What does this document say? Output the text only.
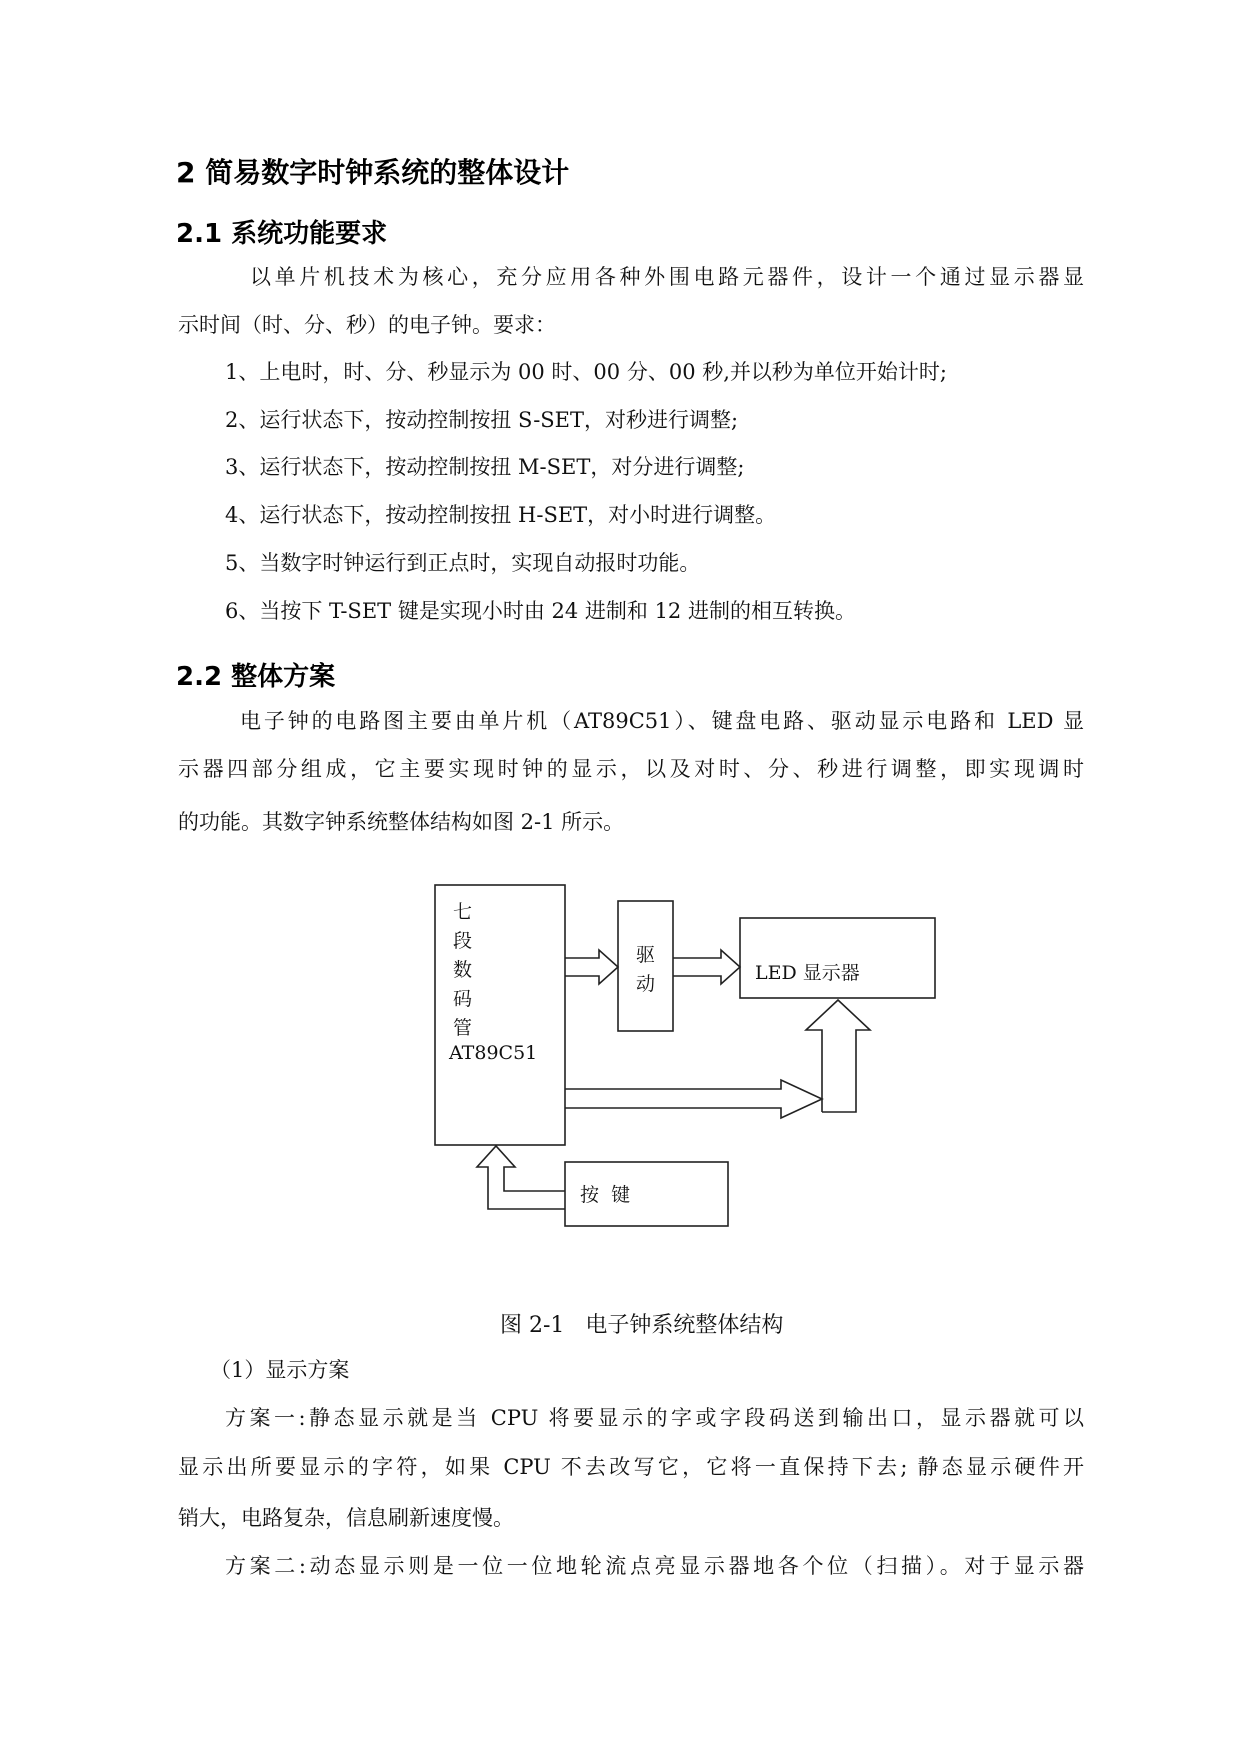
2 简易数字时钟系统的整体设计
2.1 系统功能要求
以单片机技术为核心，充分应用各种外围电路元器件，设计一个通过显示器显
示时间（时、分、秒）的电子钟。要求：
1、上电时，时、分、秒显示为 00 时、00 分、00 秒,并以秒为单位开始计时;
2、运行状态下，按动控制按扭 S-SET，对秒进行调整;
3、运行状态下，按动控制按扭 M-SET，对分进行调整;
4、运行状态下，按动控制按扭 H-SET，对小时进行调整。
5、当数字时钟运行到正点时，实现自动报时功能。
6、当按下 T-SET 键是实现小时由 24 进制和 12 进制的相互转换。
2.2 整体方案
电子钟的电路图主要由单片机（AT89C51）、键盘电路、驱动显示电路和 LED 显
示器四部分组成，它主要实现时钟的显示，以及对时、分、秒进行调整，即实现调时
的功能。其数字钟系统整体结构如图 2-1 所示。
七
段
数
码
管
AT89C51
驱
动	LED 显示器
按  键
图 2-1   电子钟系统整体结构
（1）显示方案
方案一:静态显示就是当 CPU 将要显示的字或字段码送到输出口，显示器就可以
显示出所要显示的字符，如果 CPU 不去改写它，它将一直保持下去; 静态显示硬件开
销大，电路复杂，信息刷新速度慢。
方案二:动态显示则是一位一位地轮流点亮显示器地各个位（扫描）。对于显示器
